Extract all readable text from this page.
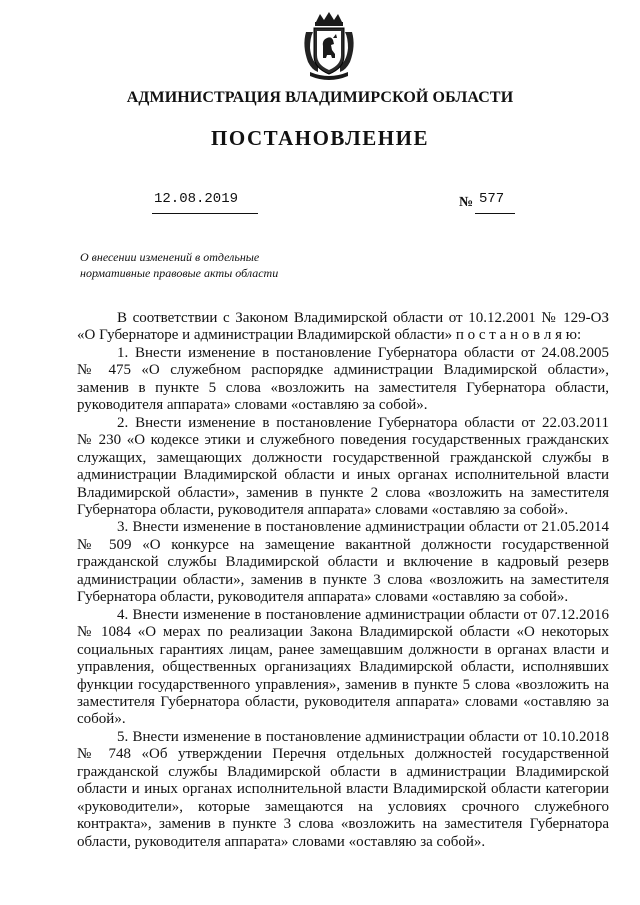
АДМИНИСТРАЦИЯ ВЛАДИМИРСКОЙ ОБЛАСТИ
ПОСТАНОВЛЕНИЕ
12.08.2019	№ 577
О внесении изменений в отдельные
нормативные правовые акты области
В соответствии с Законом Владимирской области от 10.12.2001 № 129-ОЗ
«О Губернаторе и администрации Владимирской области» п о с т а н о в л я ю:
1. Внести изменение в постановление Губернатора области от 24.08.2005
№ 475 «О служебном распорядке администрации Владимирской области»,
заменив в пункте 5 слова «возложить на заместителя Губернатора области,
руководителя аппарата» словами «оставляю за собой».
2. Внести изменение в постановление Губернатора области от 22.03.2011
№ 230 «О кодексе этики и служебного поведения государственных гражданских
служащих, замещающих должности государственной гражданской службы в
администрации Владимирской области и иных органах исполнительной власти
Владимирской области», заменив в пункте 2 слова «возложить на заместителя
Губернатора области, руководителя аппарата» словами «оставляю за собой».
3. Внести изменение в постановление администрации области от 21.05.2014
№ 509 «О конкурсе на замещение вакантной должности государственной
гражданской службы Владимирской области и включение в кадровый резерв
администрации области», заменив в пункте 3 слова «возложить на заместителя
Губернатора области, руководителя аппарата» словами «оставляю за собой».
4. Внести изменение в постановление администрации области от 07.12.2016
№ 1084 «О мерах по реализации Закона Владимирской области «О некоторых
социальных гарантиях лицам, ранее замещавшим должности в органах власти и
управления, общественных организациях Владимирской области, исполнявших
функции государственного управления», заменив в пункте 5 слова «возложить на
заместителя Губернатора области, руководителя аппарата» словами «оставляю за
собой».
5. Внести изменение в постановление администрации области от 10.10.2018
№ 748 «Об утверждении Перечня отдельных должностей государственной
гражданской службы Владимирской области в администрации Владимирской
области и иных органах исполнительной власти Владимирской области категории
«руководители», которые замещаются на условиях срочного служебного
контракта», заменив в пункте 3 слова «возложить на заместителя Губернатора
области, руководителя аппарата» словами «оставляю за собой».
